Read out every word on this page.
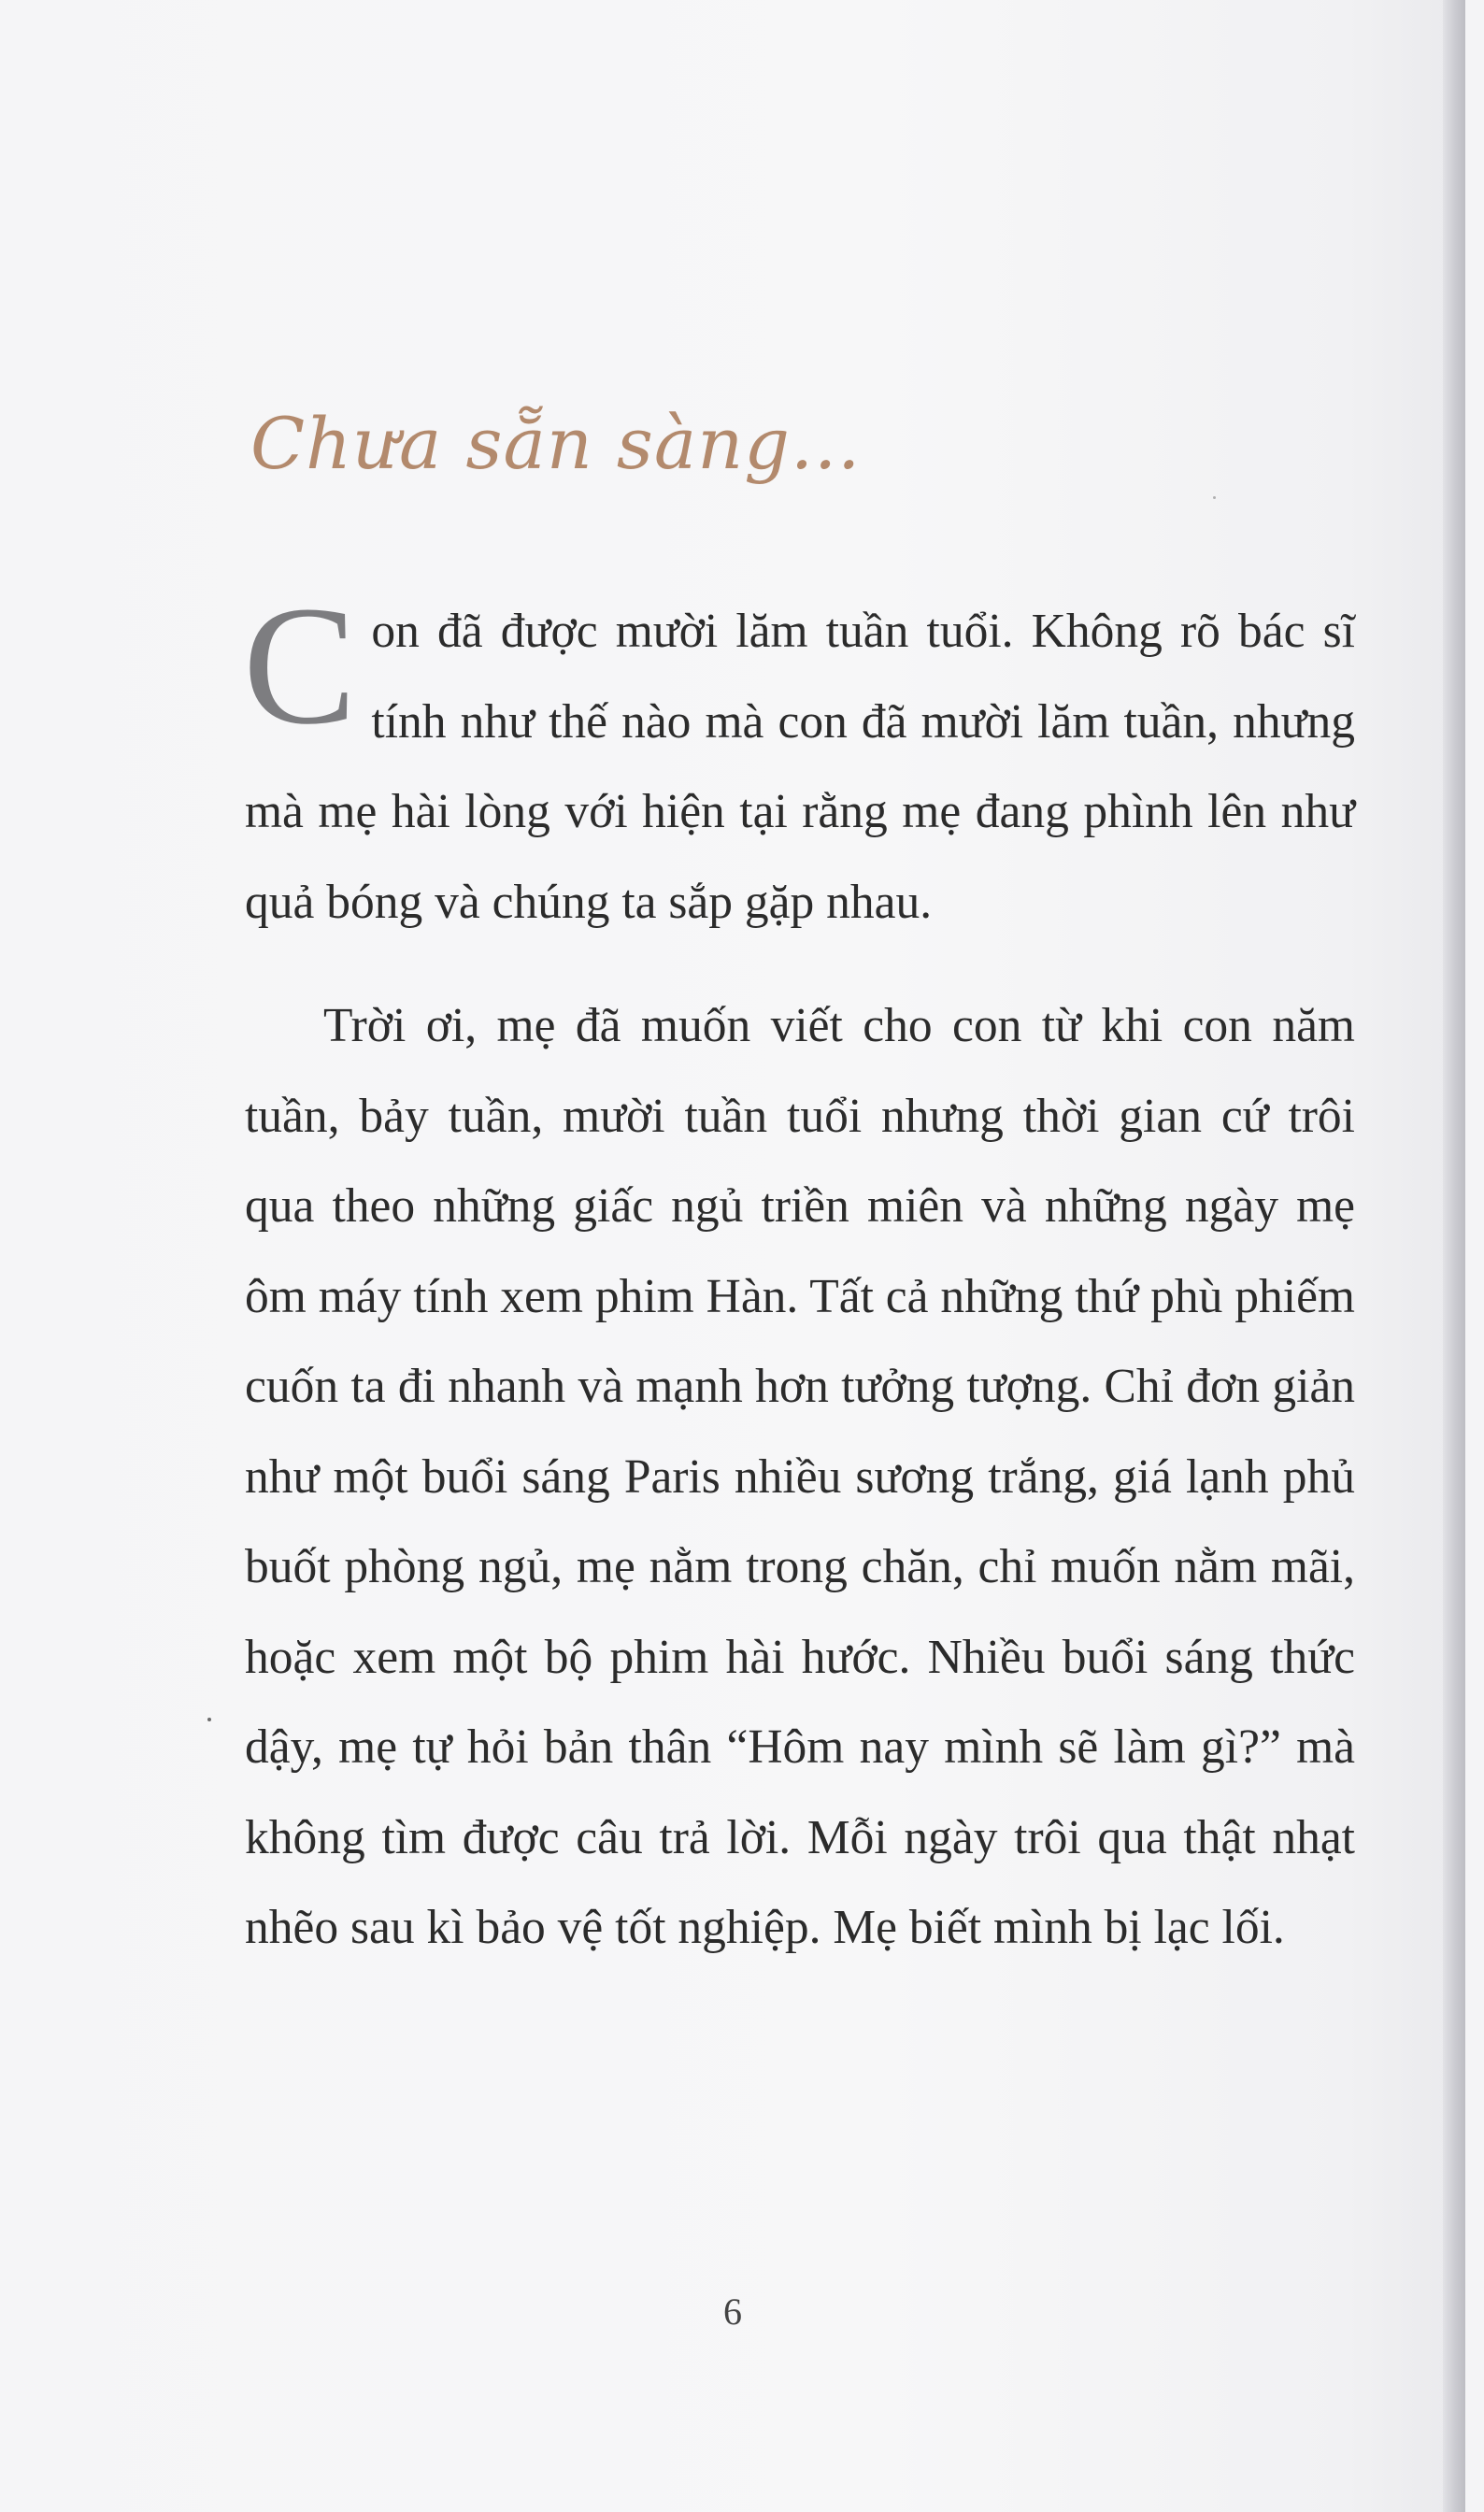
Chưa sẵn sàng...

Con đã được mười lăm tuần tuổi. Không rõ bác sĩ tính như thế nào mà con đã mười lăm tuần, nhưng mà mẹ hài lòng với hiện tại rằng mẹ đang phình lên như quả bóng và chúng ta sắp gặp nhau.

Trời ơi, mẹ đã muốn viết cho con từ khi con năm tuần, bảy tuần, mười tuần tuổi nhưng thời gian cứ trôi qua theo những giấc ngủ triền miên và những ngày mẹ ôm máy tính xem phim Hàn. Tất cả những thứ phù phiếm cuốn ta đi nhanh và mạnh hơn tưởng tượng. Chỉ đơn giản như một buổi sáng Paris nhiều sương trắng, giá lạnh phủ buốt phòng ngủ, mẹ nằm trong chăn, chỉ muốn nằm mãi, hoặc xem một bộ phim hài hước. Nhiều buổi sáng thức dậy, mẹ tự hỏi bản thân “Hôm nay mình sẽ làm gì?” mà không tìm được câu trả lời. Mỗi ngày trôi qua thật nhạt nhẽo sau kì bảo vệ tốt nghiệp. Mẹ biết mình bị lạc lối.

6
